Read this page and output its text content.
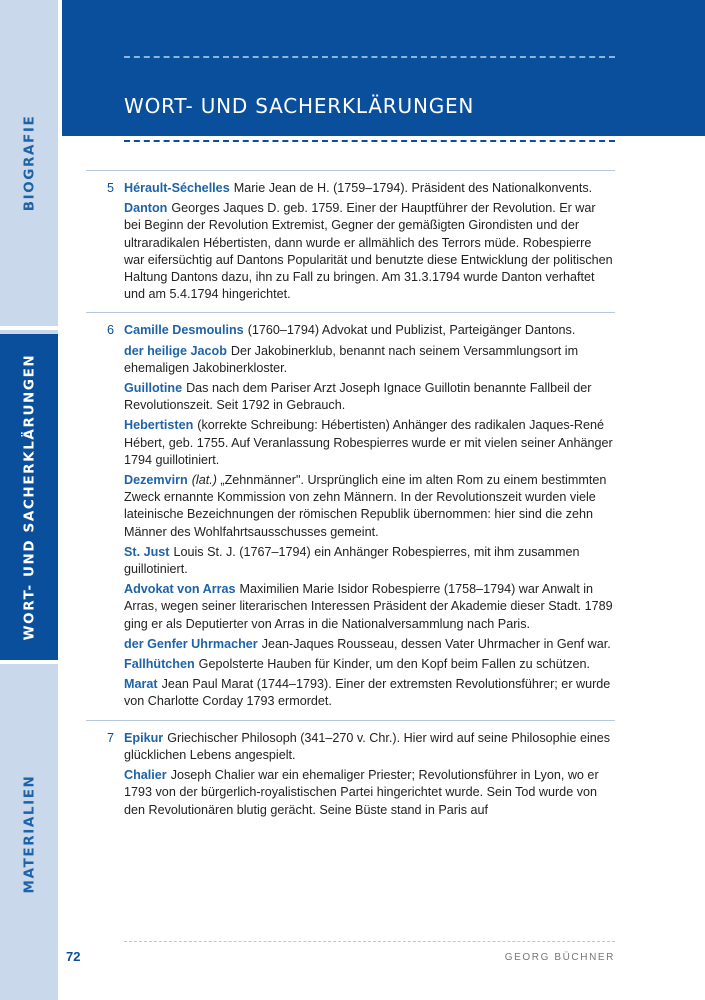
BIOGRAFIE
WORT- UND SACHERKLÄRUNGEN
MATERIALIEN
WORT- UND SACHERKLÄRUNGEN
5 Hérault-Séchelles Marie Jean de H. (1759–1794). Präsident des Nationalkonvents.
Danton Georges Jaques D. geb. 1759. Einer der Hauptführer der Revolution. Er war bei Beginn der Revolution Extremist, Gegner der gemäßigten Girondisten und der ultraradikalen Hébertisten, dann wurde er allmählich des Terrors müde. Robespierre war eifersüchtig auf Dantons Popularität und benutzte diese Entwicklung der politischen Haltung Dantons dazu, ihn zu Fall zu bringen. Am 31.3.1794 wurde Danton verhaftet und am 5.4.1794 hingerichtet.
6 Camille Desmoulins (1760–1794) Advokat und Publizist, Parteigänger Dantons.
der heilige Jacob Der Jakobinerklub, benannt nach seinem Versammlungsort im ehemaligen Jakobinerkloster.
Guillotine Das nach dem Pariser Arzt Joseph Ignace Guillotin benannte Fallbeil der Revolutionszeit. Seit 1792 in Gebrauch.
Hebertisten (korrekte Schreibung: Hébertisten) Anhänger des radikalen Jaques-René Hébert, geb. 1755. Auf Veranlassung Robespierres wurde er mit vielen seiner Anhänger 1794 guillotiniert.
Dezemvirn (lat.) „Zehnmänner". Ursprünglich eine im alten Rom zu einem bestimmten Zweck ernannte Kommission von zehn Männern. In der Revolutionszeit wurden viele lateinische Bezeichnungen der römischen Republik übernommen: hier sind die zehn Männer des Wohlfahrtsausschusses gemeint.
St. Just Louis St. J. (1767–1794) ein Anhänger Robespierres, mit ihm zusammen guillotiniert.
Advokat von Arras Maximilien Marie Isidor Robespierre (1758–1794) war Anwalt in Arras, wegen seiner literarischen Interessen Präsident der Akademie dieser Stadt. 1789 ging er als Deputierter von Arras in die Nationalversammlung nach Paris.
der Genfer Uhrmacher Jean-Jaques Rousseau, dessen Vater Uhrmacher in Genf war.
Fallhütchen Gepolsterte Hauben für Kinder, um den Kopf beim Fallen zu schützen.
Marat Jean Paul Marat (1744–1793). Einer der extremsten Revolutionsführer; er wurde von Charlotte Corday 1793 ermordet.
7 Epikur Griechischer Philosoph (341–270 v. Chr.). Hier wird auf seine Philosophie eines glücklichen Lebens angespielt.
Chalier Joseph Chalier war ein ehemaliger Priester; Revolutionsführer in Lyon, wo er 1793 von der bürgerlich-royalistischen Partei hingerichtet wurde. Sein Tod wurde von den Revolutionären blutig gerächt. Seine Büste stand in Paris auf
72	GEORG BÜCHNER
